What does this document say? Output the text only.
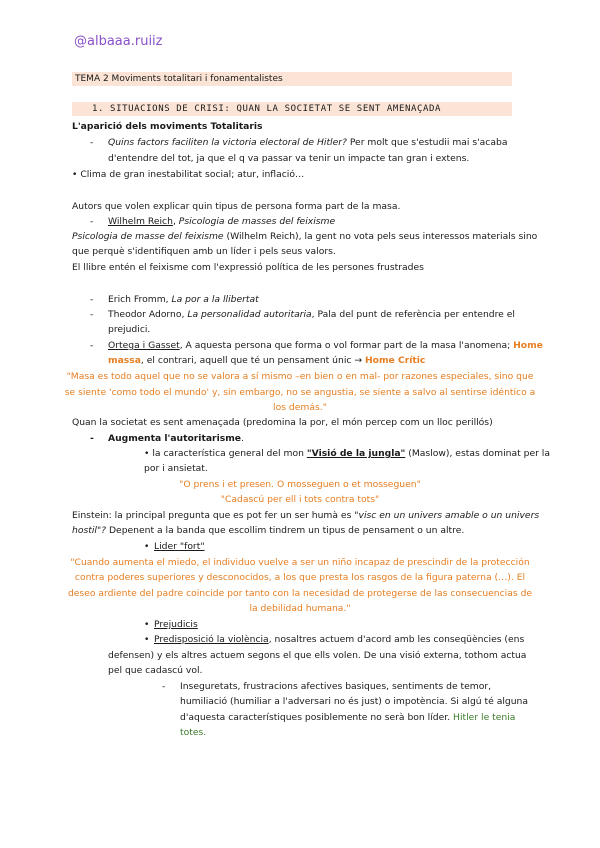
@albaaa.ruiiz
TEMA 2 Moviments totalitari i fonamentalistes
1. SITUACIONS DE CRISI: QUAN LA SOCIETAT SE SENT AMENAÇADA
L'aparició dels moviments Totalitaris
- Quins factors faciliten la victoria electoral de Hitler? Per molt que s'estudii mai s'acaba
d'entendre del tot, ja que el q va passar va tenir un impacte tan gran i extens.
• Clima de gran inestabilitat social; atur, inflació…
Autors que volen explicar quin tipus de persona forma part de la masa.
- Wilhelm Reich, Psicologia de masses del feixisme
Psicologia de masse del feixisme (Wilhelm Reich), la gent no vota pels seus interessos materials sino
que perquè s'identifiquen amb un líder i pels seus valors.
El llibre entén el feixisme com l'expressió política de les persones frustrades
- Erich Fromm, La por a la llibertat
- Theodor Adorno, La personalidad autoritaria, Pala del punt de referència per entendre el
prejudici.
- Ortega i Gasset, A aquesta persona que forma o vol formar part de la masa l'anomena; Home
massa, el contrari, aquell que té un pensament únic → Home Crític
"Masa es todo aquel que no se valora a sí mismo –en bien o en mal- por razones especiales, sino que
se siente 'como todo el mundo' y, sin embargo, no se angustia, se siente a salvo al sentirse idéntico a
los demás."
Quan la societat es sent amenaçada (predomina la por, el món percep com un lloc perillós)
- Augmenta l'autoritarisme.
• la característica general del mon "Visió de la jungla" (Maslow), estas dominat per la
por i ansietat.
"O prens i et presen. O mosseguen o et mosseguen"
"Cadascú per ell i tots contra tots"
Einstein: la principal pregunta que es pot fer un ser humà es "visc en un univers amable o un univers
hostil"? Depenent a la banda que escollim tindrem un tipus de pensament o un altre.
• Lider "fort"
"Cuando aumenta el miedo, el individuo vuelve a ser un niño incapaz de prescindir de la protección
contra poderes superiores y desconocidos, a los que presta los rasgos de la figura paterna (…). El
deseo ardiente del padre coincide por tanto con la necesidad de protegerse de las consecuencias de
la debilidad humana."
• Prejudicis
• Predisposició la violència, nosaltres actuem d'acord amb les conseqüències (ens
defensen) y els altres actuem segons el que ells volen. De una visió externa, tothom actua
pel que cadascú vol.
- Inseguretats, frustracions afectives basiques, sentiments de temor,
humiliació (humiliar a l'adversari no és just) o impotència. Si algú té alguna
d'aquesta característiques posiblemente no serà bon líder. Hitler le tenia
totes.
